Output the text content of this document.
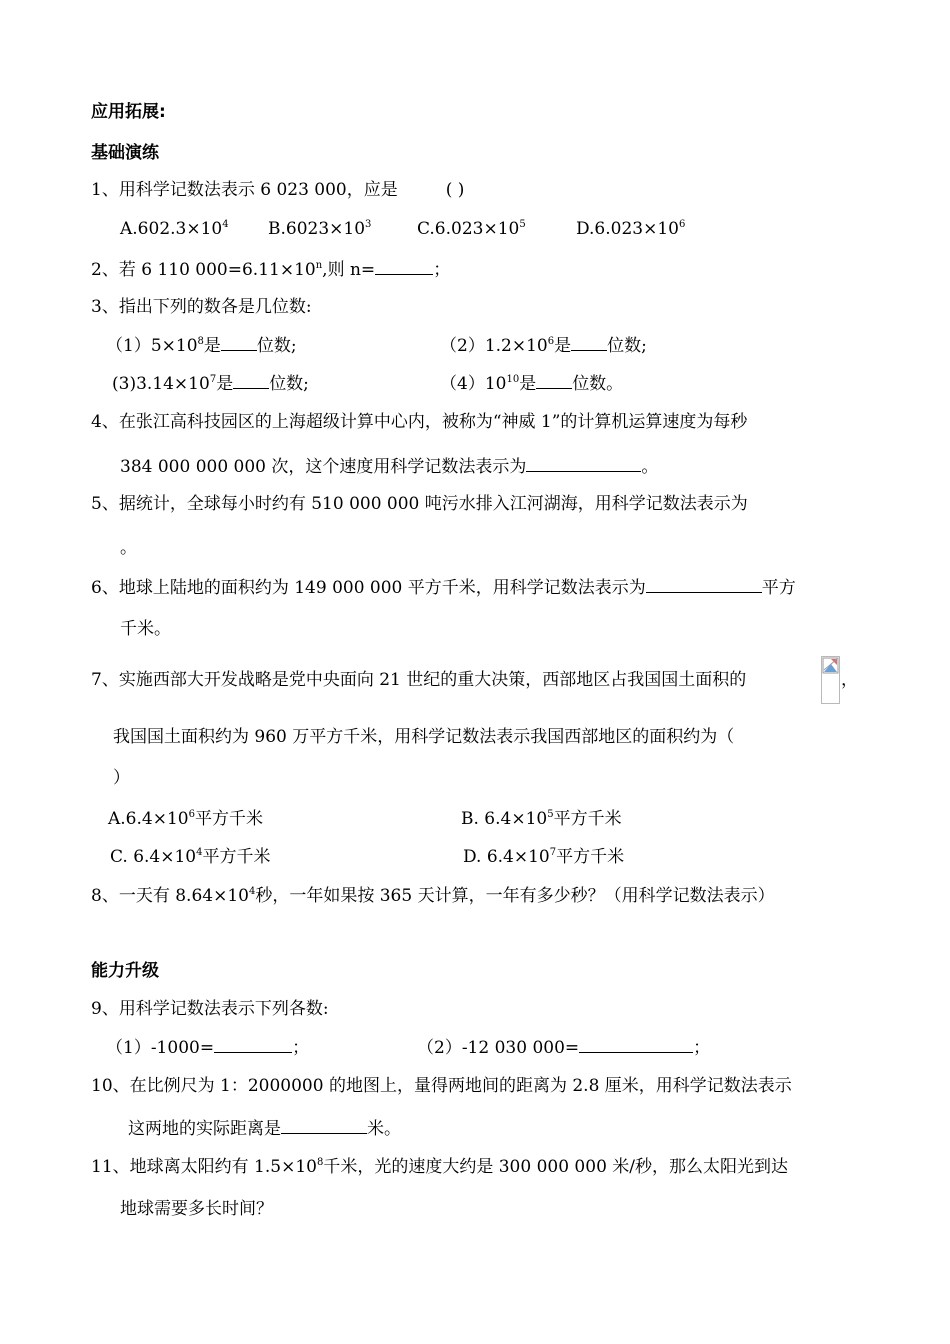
应用拓展:
基础演练
1、用科学记数法表示 6 023 000，应是	( )
$A.602.3\times 10^4$ $B.6023\times 10^3$	$C.6.023\times 10^5$	$D.6.023\times 10^6$
2、若 6 110 $000=6.11\times 10^n$,则 n=	；
3、指出下列的数各是几位数:
$(1)5\times 10^8$是 位数;	$(2)1.2\times 10^6$是 位数;
$(3)3.14\times 10^7$是 位数;	$(4)10^{10}$是 位数。
4、在张江高科技园区的上海超级计算中心内，被称为“神威 1”的计算机运算速度为每秒
384 000 000 000 次，这个速度用科学记数法表示为	。
5、据统计，全球每小时约有 510 000 000 吨污水排入江河湖海，用科学记数法表示为
。
6、地球上陆地的面积约为 149 000 000 平方千米，用科学记数法表示为	平方
千米。
7、实施西部大开发战略是党中央面向 21 世纪的重大决策，西部地区占我国国土面积的	，
我国国土面积约为 960 万平方千米，用科学记数法表示我国西部地区的面积约为（
）
$A.6.4\times 10^6$平方千米	B. $6.4\times 10^5$平方千米
C. $6.4\times 10^4$平方千米	D. $6.4\times 10^7$平方千米
8、一天有 $8.64\times 10^4$秒，一年如果按 365 天计算，一年有多少秒？（用科学记数法表示）
能力升级
9、用科学记数法表示下列各数:
（1）-1000=	；	（2）-12 030 000=	；
10、在比例尺为 1：2000000 的地图上，量得两地间的距离为 2.8 厘米，用科学记数法表示
这两地的实际距离是	米。
11、地球离太阳约有 $1.5\times 10^8$千米，光的速度大约是 300 000 000 米/秒，那么太阳光到达
地球需要多长时间？
